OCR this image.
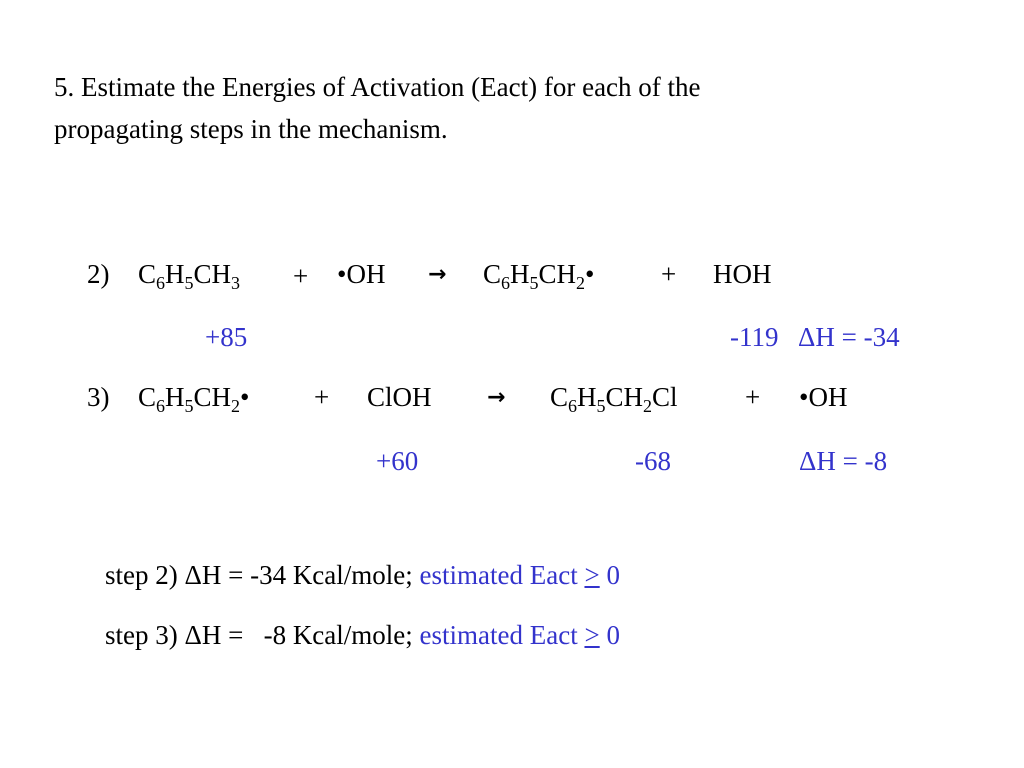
5. Estimate the Energies of Activation (Eact) for each of the
propagating steps in the mechanism.
2) $C_6H_5CH_3$ + •OH → $C_6H_5CH_2•$ + HOH
+85	-119 ΔH = -34
3) $C_6H_5CH_2•$ + ClOH	→ $C_6H_5CH_2Cl$ + •OH
+60	-68	ΔH = -8
step 2) ΔH = -34 Kcal/mole; estimated Eact ≥ 0
step 3) ΔH =   -8 Kcal/mole; estimated Eact ≥ 0
